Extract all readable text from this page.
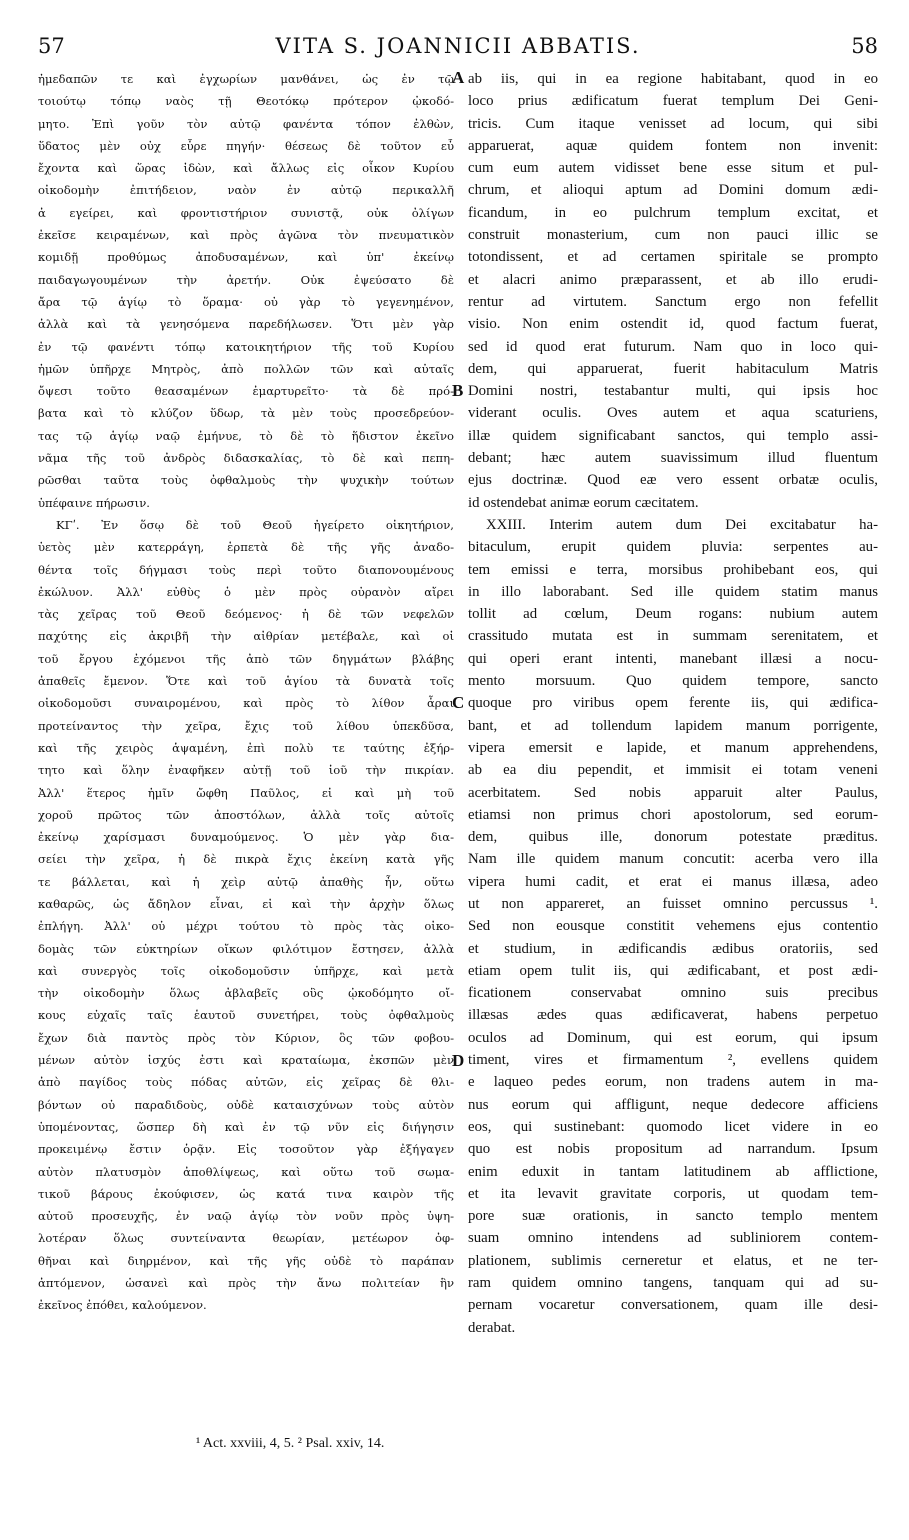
57	VITA S. JOANNICII ABBATIS.	58
ἠμεδαπῶν τε καὶ ἐγχωρίων μανθάνει, ὡς ἐν τῷ
τοιούτῳ τόπῳ ναὸς τῇ Θεοτόκῳ πρότερον ᾠκοδό-
μητο. Ἐπὶ γοῦν τὸν αὐτῷ φανέντα τόπον ἐλθὼν,
ὕδατος μὲν οὐχ εὗρε πηγήν· θέσεως δὲ τοῦτον εὖ
ἔχοντα καὶ ὥρας ἰδὼν, καὶ ἄλλως εἰς οἶκον Κυρίου
οἰκοδομὴν ἐπιτήδειον, ναὸν ἐν αὐτῷ περικαλλῆ
ἀ εγείρει, καὶ φροντιστήριον συνιστᾷ, οὐκ ὀλίγων
ἐκεῖσε κειραμένων, καὶ πρὸς ἀγῶνα τὸν πνευματικὸν
κομιδῇ προθύμως ἀποδυσαμένων, καὶ ὑπ' ἐκείνῳ
παιδαγωγουμένων τὴν ἀρετήν. Οὐκ ἐψεύσατο δὲ
ἄρα τῷ ἁγίῳ τὸ ὅραμα· οὐ γὰρ τὸ γεγενημένον,
ἀλλὰ καὶ τὰ γενησόμενα παρεδήλωσεν. Ὅτι μὲν γὰρ
ἐν τῷ φανέντι τόπῳ κατοικητήριον τῆς τοῦ Κυρίου
ἡμῶν ὑπῆρχε Μητρὸς, ἀπὸ πολλῶν τῶν καὶ αὐταῖς
ὄψεσι τοῦτο θεασαμένων ἐμαρτυρεῖτο· τὰ δὲ πρό-
βατα καὶ τὸ κλύζον ὕδωρ, τὰ μὲν τοὺς προσεδρεύον-
τας τῷ ἁγίῳ ναῷ ἐμήνυε, τὸ δὲ τὸ ἥδιστον ἐκεῖνο
νᾶμα τῆς τοῦ ἀνδρὸς διδασκαλίας, τὸ δὲ καὶ πεπη-
ρῶσθαι ταῦτα τοὺς ὀφθαλμοὺς τὴν ψυχικὴν τούτων
ὑπέφαινε πήρωσιν.
ΚΓʹ. Ἐν ὅσῳ δὲ τοῦ Θεοῦ ἠγείρετο οἰκητήριον,
ὑετὸς μὲν κατερράγη, ἑρπετὰ δὲ τῆς γῆς ἀναδο-
θέντα τοῖς δήγμασι τοὺς περὶ τοῦτο διαπονουμένους
ἐκώλυον. Ἀλλ' εὐθὺς ὁ μὲν πρὸς οὐρανὸν αἴρει
τὰς χεῖρας τοῦ Θεοῦ δεόμενος· ἡ δὲ τῶν νεφελῶν
παχύτης εἰς ἀκριβῆ τὴν αἰθρίαν μετέβαλε, καὶ οἱ
τοῦ ἔργου ἐχόμενοι τῆς ἀπὸ τῶν δηγμάτων βλάβης
ἀπαθεῖς ἔμενον. Ὅτε καὶ τοῦ ἁγίου τὰ δυνατὰ τοῖς
οἰκοδομοῦσι συναιρομένου, καὶ πρὸς τὸ λίθον ἆραι
προτείναντος τὴν χεῖρα, ἔχις τοῦ λίθου ὑπεκδῦσα,
καὶ τῆς χειρὸς ἁψαμένη, ἐπὶ πολὺ τε ταύτης ἐξήρ-
τητο καὶ ὅλην ἐναφῆκεν αὐτῇ τοῦ ἰοῦ τὴν πικρίαν.
Ἀλλ' ἕτερος ἡμῖν ὤφθη Παῦλος, εἰ καὶ μὴ τοῦ
χοροῦ πρῶτος τῶν ἀποστόλων, ἀλλὰ τοῖς αὐτοῖς
ἐκείνῳ χαρίσμασι δυναμούμενος. Ὁ μὲν γὰρ δια-
σείει τὴν χεῖρα, ἡ δὲ πικρὰ ἔχις ἐκείνη κατὰ γῆς
τε βάλλεται, καὶ ἡ χεὶρ αὐτῷ ἀπαθὴς ἦν, οὕτω
καθαρῶς, ὡς ἄδηλον εἶναι, εἰ καὶ τὴν ἀρχὴν ὅλως
ἐπλήγη. Ἀλλ' οὐ μέχρι τούτου τὸ πρὸς τὰς οἰκο-
δομὰς τῶν εὐκτηρίων οἴκων φιλότιμον ἔστησεν, ἀλλὰ
καὶ συνεργὸς τοῖς οἰκοδομοῦσιν ὑπῆρχε, καὶ μετὰ
τὴν οἰκοδομὴν ὅλως ἀβλαβεῖς οὓς ᾠκοδόμητο οἴ-
κους εὐχαῖς ταῖς ἑαυτοῦ συνετήρει, τοὺς ὀφθαλμοὺς
ἔχων διὰ παντὸς πρὸς τὸν Κύριον, ὃς τῶν φοβου-
μένων αὐτὸν ἰσχύς ἐστι καὶ κραταίωμα, ἐκσπῶν μὲν
ἀπὸ παγίδος τοὺς πόδας αὐτῶν, εἰς χεῖρας δὲ θλι-
βόντων οὐ παραδιδοὺς, οὐδὲ καταισχύνων τοὺς αὐτὸν
ὑπομένοντας, ὥσπερ δὴ καὶ ἐν τῷ νῦν εἰς διήγησιν
προκειμένῳ ἔστιν ὁρᾷν. Εἰς τοσοῦτον γὰρ ἐξήγαγεν
αὐτὸν πλατυσμὸν ἀποθλίψεως, καὶ οὕτω τοῦ σωμα-
τικοῦ βάρους ἐκούφισεν, ὡς κατά τινα καιρὸν τῆς
αὐτοῦ προσευχῆς, ἐν ναῷ ἁγίῳ τὸν νοῦν πρὸς ὑψη-
λοτέραν ὅλως συντείναντα θεωρίαν, μετέωρον ὀφ-
θῆναι καὶ διηρμένον, καὶ τῆς γῆς οὐδὲ τὸ παράπαν
ἀπτόμενον, ὡσανεὶ καὶ πρὸς τὴν ἄνω πολιτείαν ἣν
ἐκεῖνος ἐπόθει, καλούμενον.
ab iis, qui in ea regione habitabant, quod in eo
loco prius ædificatum fuerat templum Dei Geni-
tricis. Cum itaque venisset ad locum, qui sibi
apparuerat, aquæ quidem fontem non invenit:
cum eum autem vidisset bene esse situm et pul-
chrum, et alioqui aptum ad Domini domum ædi-
ficandum, in eo pulchrum templum excitat, et
construit monasterium, cum non pauci illic se
totondissent, et ad certamen spiritale se prompto
et alacri animo præparassent, et ab illo erudi-
rentur ad virtutem. Sanctum ergo non fefellit
visio. Non enim ostendit id, quod factum fuerat,
sed id quod erat futurum. Nam quo in loco qui-
dem, qui apparuerat, fuerit habitaculum Matris
Domini nostri, testabantur multi, qui ipsis hoc
viderant oculis. Oves autem et aqua scaturiens,
illæ quidem significabant sanctos, qui templo assi-
debant; hæc autem suavissimum illud fluentum
ejus doctrinæ. Quod eæ vero essent orbatæ oculis,
id ostendebat animæ eorum cæcitatem.
XXIII. Interim autem dum Dei excitabatur ha-
bitaculum, erupit quidem pluvia: serpentes au-
tem emissi e terra, morsibus prohibebant eos, qui
in illo laborabant. Sed ille quidem statim manus
tollit ad cœlum, Deum rogans: nubium autem
crassitudo mutata est in summam serenitatem, et
qui operi erant intenti, manebant illæsi a nocu-
mento morsuum. Quo quidem tempore, sancto
quoque pro viribus opem ferente iis, qui ædifica-
bant, et ad tollendum lapidem manum porrigente,
vipera emersit e lapide, et manum apprehendens,
ab ea diu pependit, et immisit ei totam veneni
acerbitatem. Sed nobis apparuit alter Paulus,
etiamsi non primus chori apostolorum, sed eorum-
dem, quibus ille, donorum potestate præditus.
Nam ille quidem manum concutit: acerba vero illa
vipera humi cadit, et erat ei manus illæsa, adeo
ut non appareret, an fuisset omnino percussus ¹.
Sed non eousque constitit vehemens ejus contentio
et studium, in ædificandis ædibus oratoriis, sed
etiam opem tulit iis, qui ædificabant, et post ædi-
ficationem conservabat omnino suis precibus
illæsas ædes quas ædificaverat, habens perpetuo
oculos ad Dominum, qui est eorum, qui ipsum
timent, vires et firmamentum ², evellens quidem
e laqueo pedes eorum, non tradens autem in ma-
nus eorum qui affligunt, neque dedecore afficiens
eos, qui sustinebant: quomodo licet videre in eo
quo est nobis propositum ad narrandum. Ipsum
enim eduxit in tantam latitudinem ab afflictione,
et ita levavit gravitate corporis, ut quodam tem-
pore suæ orationis, in sancto templo mentem
suam omnino intendens ad subliniorem contem-
plationem, sublimis cerneretur et elatus, et ne ter-
ram quidem omnino tangens, tanquam qui ad su-
pernam vocaretur conversationem, quam ille desi-
derabat.
A
B
C
D
¹ Act. xxviii, 4, 5. ² Psal. xxiv, 14.
